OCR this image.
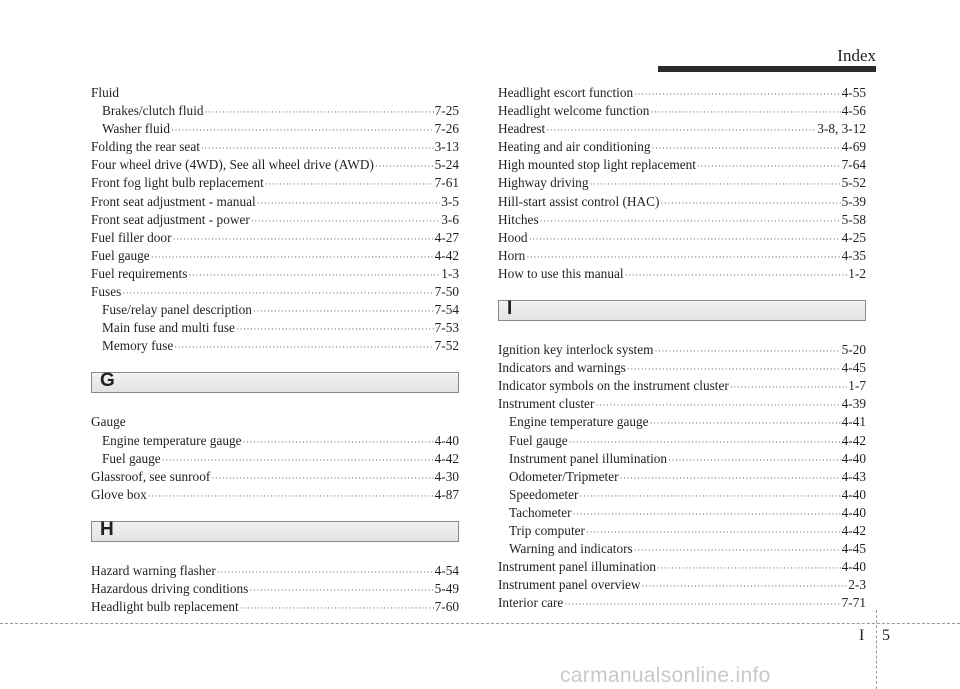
Index
Fluid
Brakes/clutch fluid ·····	7-25
Washer fluid ·····	7-26
Folding the rear seat ·····	3-13
Four wheel drive (4WD), See all wheel drive (AWD) ·····	5-24
Front fog light bulb replacement ·····	7-61
Front seat adjustment - manual ·····	3-5
Front seat adjustment - power ·····	3-6
Fuel filler door ·····	4-27
Fuel gauge ·····	4-42
Fuel requirements ·····	1-3
Fuses ·····	7-50
Fuse/relay panel description ·····	7-54
Main fuse and multi fuse ·····	7-53
Memory fuse ·····	7-52
G
Gauge
Engine temperature gauge ·····	4-40
Fuel gauge ·····	4-42
Glassroof, see sunroof ·····	4-30
Glove box ·····	4-87
H
Hazard warning flasher ·····	4-54
Hazardous driving conditions ·····	5-49
Headlight bulb replacement ·····	7-60
Headlight escort function ·····	4-55
Headlight welcome function ·····	4-56
Headrest ·····	3-8, 3-12
Heating and air conditioning ·····	4-69
High mounted stop light replacement ·····	7-64
Highway driving ·····	5-52
Hill-start assist control (HAC) ·····	5-39
Hitches ·····	5-58
Hood ·····	4-25
Horn ·····	4-35
How to use this manual ·····	1-2
I
Ignition key interlock system ·····	5-20
Indicators and warnings ·····	4-45
Indicator symbols on the instrument cluster ·····	1-7
Instrument cluster ·····	4-39
Engine temperature gauge ·····	4-41
Fuel gauge ·····	4-42
Instrument panel illumination ·····	4-40
Odometer/Tripmeter ·····	4-43
Speedometer ·····	4-40
Tachometer ·····	4-40
Trip computer ·····	4-42
Warning and indicators ·····	4-45
Instrument panel illumination ·····	4-40
Instrument panel overview ·····	2-3
Interior care ·····	7-71
I 5
carmanualsonline.info
